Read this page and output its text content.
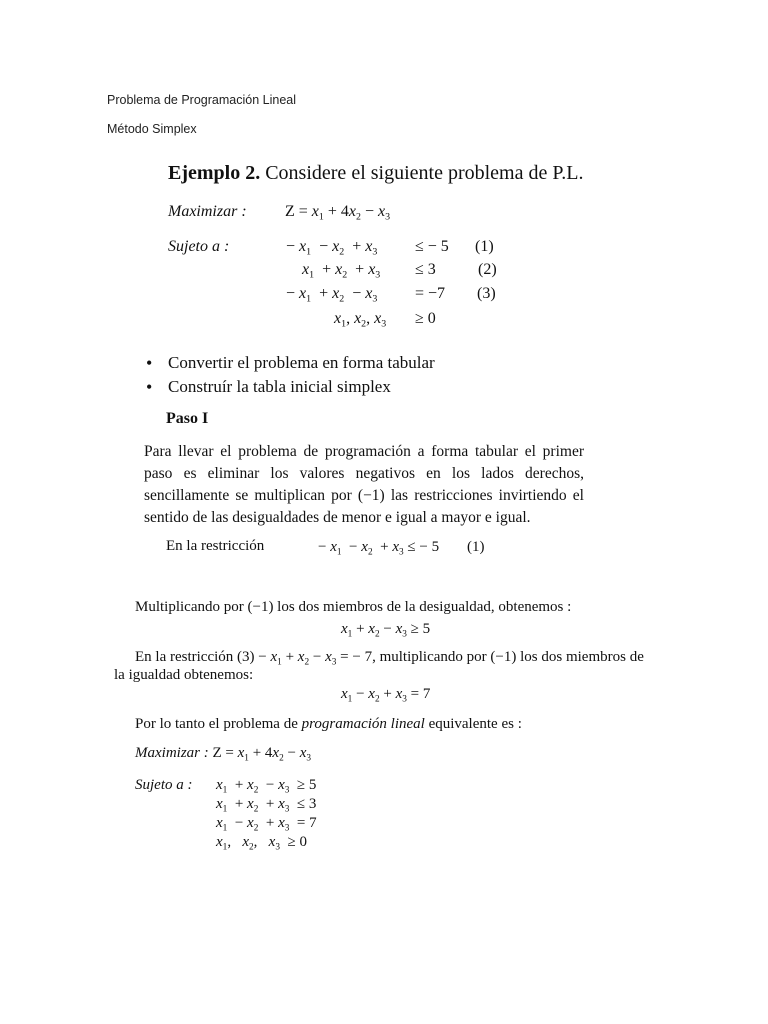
Problema de Programación Lineal
Método Simplex
Ejemplo 2. Considere el siguiente problema de P.L.
Maximizar : $Z = x_1 + 4x_2 - x_3$
Sujeto a :	− $x_1 - x_2 + x_3$ ≤ − 5 (1)
$x_1 + x_2 + x_3 \le 3$	(2)
− $x_1 + x_2 - x_3 = -7$ (3)
$x_1$, $x_2$, $x_3 \ge 0$
• Convertir el problema en forma tabular
• Construír la tabla inicial simplex
Paso I
Para llevar el problema de programación a forma tabular el primer paso es eliminar los valores negativos en los lados derechos, sencillamente se multiplican por (−1) las restricciones invirtiendo el sentido de las desigualdades de menor e igual a mayor e igual.
En la restricción	− $x_1 - x_2 + x_3$ ≤ − 5 (1)
Multiplicando por (−1) los dos miembros de la desigualdad, obtenemos :
$x_1 + x_2 - x_3 \ge 5$
En la restricción $(3) - x_1 + x_2 - x_3$ = − 7, multiplicando por (−1) los dos miembros de
la igualdad obtenemos:
$x_1 - x_2 + x_3 = 7$
Por lo tanto el problema de programación lineal equivalente es :
Maximizar : $Z = x_1 + 4x_2 - x_3$
Sujeto a : $x_1 + x_2 - x_3 \ge 5$
$x_1 + x_2 + x_3 \le 3$
$x_1 - x_2 + x_3 = 7$
$x_1$,   $x_2$,   $x_3 \ge 0$
